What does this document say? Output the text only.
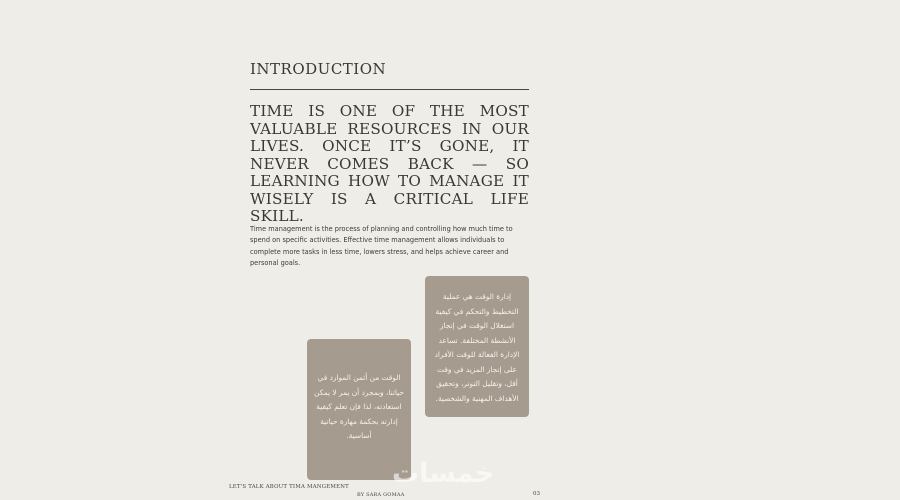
INTRODUCTION

TIME IS ONE OF THE MOST VALUABLE RESOURCES IN OUR LIVES. ONCE IT’S GONE, IT NEVER COMES BACK — SO LEARNING HOW TO MANAGE IT WISELY IS A CRITICAL LIFE SKILL.

Time management is the process of planning and controlling how much time to spend on specific activities. Effective time management allows individuals to complete more tasks in less time, lowers stress, and helps achieve career and personal goals.

إدارة الوقت هي عملية التخطيط والتحكم في كيفية استغلال الوقت في إنجاز الأنشطة المختلفة. تساعد الإدارة الفعالة للوقت الأفراد على إنجاز المزيد في وقت أقل، وتقليل التوتر، وتحقيق الأهداف المهنية والشخصية.
الوقت من أثمن الموارد في حياتنا، وبمجرد أن يمر لا يمكن استعادته، لذا فإن تعلم كيفية إدارته بحكمة مهارة حياتية أساسية.
خمسات
LET'S TALK ABOUT TIMA MANGEMENT
BY SARA GOMAA	03
